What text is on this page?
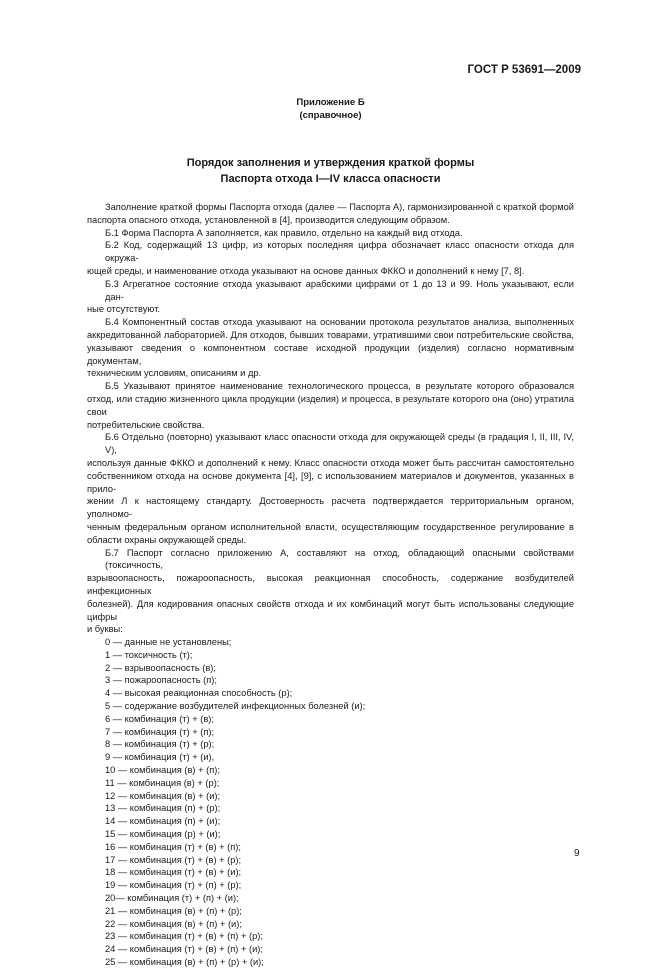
ГОСТ Р 53691—2009
Приложение Б
(справочное)
Порядок заполнения и утверждения краткой формы
Паспорта отхода I—IV класса опасности
Заполнение краткой формы Паспорта отхода (далее — Паспорта А), гармонизированной с краткой формой
паспорта опасного отхода, установленной в [4], производится следующим образом.
Б.1 Форма Паспорта А заполняется, как правило, отдельно на каждый вид отхода.
Б.2 Код, содержащий 13 цифр, из которых последняя цифра обозначает класс опасности отхода для окружа-
ющей среды, и наименование отхода указывают на основе данных ФККО и дополнений к нему [7, 8].
Б.3 Агрегатное состояние отхода указывают арабскими цифрами от 1 до 13 и 99. Ноль указывают, если дан-
ные отсутствуют.
Б.4 Компонентный состав отхода указывают на основании протокола результатов анализа, выполненных
аккредитованной лабораторией. Для отходов, бывших товарами, утратившими свои потребительские свойства,
указывают сведения о компонентном составе исходной продукции (изделия) согласно нормативным документам,
техническим условиям, описаниям и др.
Б.5 Указывают принятое наименование технологического процесса, в результате которого образовался
отход, или стадию жизненного цикла продукции (изделия) и процесса, в результате которого она (оно) утратила свои
потребительские свойства.
Б.6 Отдельно (повторно) указывают класс опасности отхода для окружающей среды (в градация I, II, III, IV, V),
используя данные ФККО и дополнений к нему. Класс опасности отхода может быть рассчитан самостоятельно
собственником отхода на основе документа [4], [9], с использованием материалов и документов, указанных в прило-
жении Л к настоящему стандарту. Достоверность расчета подтверждается территориальным органом, уполномо-
ченным федеральным органом исполнительной власти, осуществляющим государственное регулирование в
области охраны окружающей среды.
Б.7 Паспорт согласно приложению А, составляют на отход, обладающий опасными свойствами (токсичность,
взрывоопасность, пожароопасность, высокая реакционная способность, содержание возбудителей инфекционных
болезней). Для кодирования опасных свойств отхода и их комбинаций могут быть использованы следующие цифры
и буквы:
0 — данные не установлены;
1 — токсичность (т);
2 — взрывоопасность (в);
3 — пожароопасность (п);
4 — высокая реакционная способность (р);
5 — содержание возбудителей инфекционных болезней (и);
6 — комбинация (т) + (в);
7 — комбинация (т) + (п);
8 — комбинация (т) + (р);
9 — комбинация (т) + (и),
10 — комбинация (в) + (п);
11 — комбинация (в) + (р);
12 — комбинация (в) + (и);
13 — комбинация (п) + (р);
14 — комбинация (п) + (и);
15 — комбинация (р) + (и);
16 — комбинация (т) + (в) + (п);
17 — комбинация (т) + (в) + (р);
18 — комбинация (т) + (в) + (и);
19 — комбинация (т) + (п) + (р);
20— комбинация (т) + (п) + (и);
21 — комбинация (в) + (п) + (р);
22 — комбинация (в) + (п) + (и);
23 — комбинация (т) + (в) + (п) + (р);
24 — комбинация (т) + (в) + (п) + (и);
25 — комбинация (в) + (п) + (р) + (и);
9
